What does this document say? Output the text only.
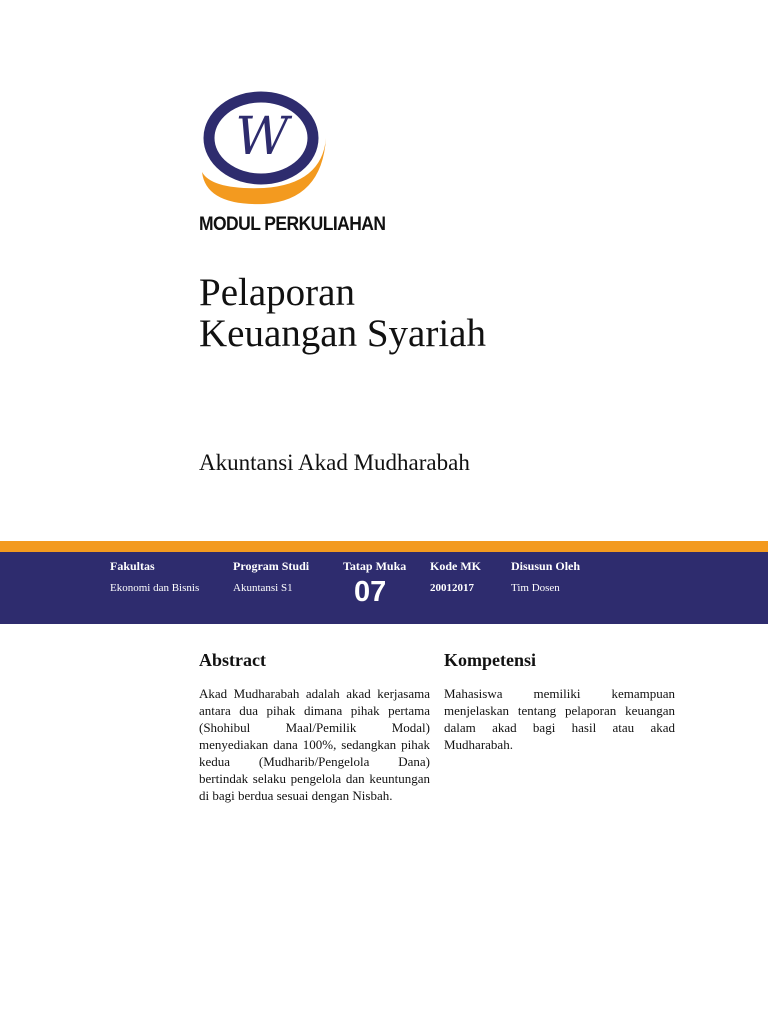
W
MODUL PERKULIAHAN
Pelaporan
Keuangan Syariah
Akuntansi Akad Mudharabah
Fakultas
Ekonomi dan Bisnis
Program Studi
Akuntansi S1
Tatap Muka
07
Kode MK
20012017
Disusun Oleh
Tim Dosen
Abstract

Akad Mudharabah adalah akad kerjasama antara dua pihak dimana pihak pertama (Shohibul Maal/Pemilik Modal) menyediakan dana 100%, sedangkan pihak kedua (Mudharib/Pengelola Dana) bertindak selaku pengelola dan keuntungan di bagi berdua sesuai dengan Nisbah.

Kompetensi

Mahasiswa memiliki kemampuan menjelaskan tentang pelaporan keuangan dalam akad bagi hasil atau akad Mudharabah.
